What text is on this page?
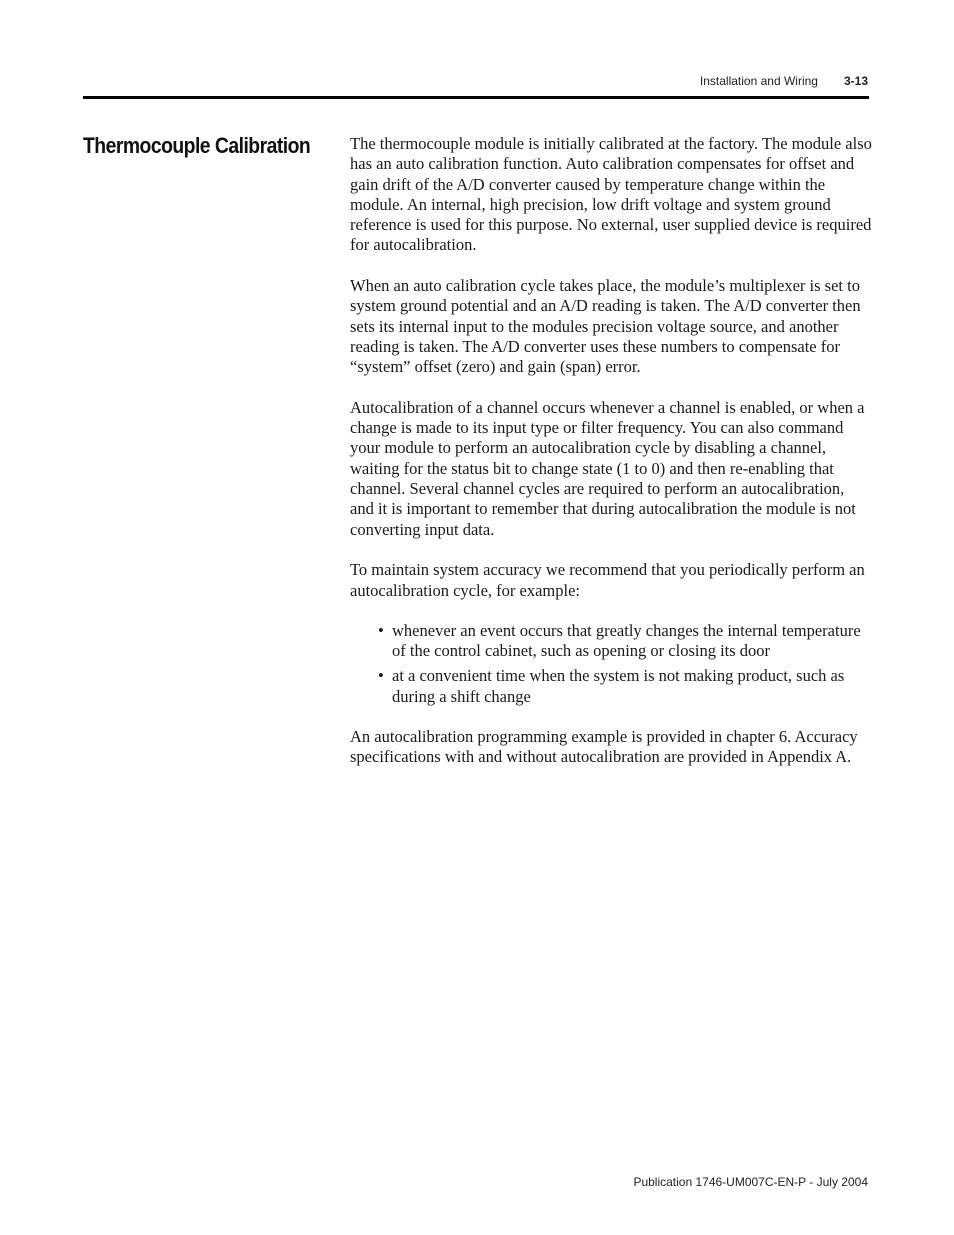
Installation and Wiring 3-13
Thermocouple Calibration The thermocouple module is initially calibrated at the factory. The module also has an auto calibration function. Auto calibration compensates for offset and gain drift of the A/D converter caused by temperature change within the module. An internal, high precision, low drift voltage and system ground reference is used for this purpose. No external, user supplied device is required for autocalibration.

When an auto calibration cycle takes place, the module’s multiplexer is set to system ground potential and an A/D reading is taken. The A/D converter then sets its internal input to the modules precision voltage source, and another reading is taken. The A/D converter uses these numbers to compensate for “system” offset (zero) and gain (span) error.

Autocalibration of a channel occurs whenever a channel is enabled, or when a change is made to its input type or filter frequency. You can also command your module to perform an autocalibration cycle by disabling a channel, waiting for the status bit to change state (1 to 0) and then re-enabling that channel. Several channel cycles are required to perform an autocalibration, and it is important to remember that during autocalibration the module is not converting input data.

To maintain system accuracy we recommend that you periodically perform an autocalibration cycle, for example:

• whenever an event occurs that greatly changes the internal temperature of the control cabinet, such as opening or closing its door
• at a convenient time when the system is not making product, such as during a shift change

An autocalibration programming example is provided in chapter 6. Accuracy specifications with and without autocalibration are provided in Appendix A.

Publication 1746-UM007C-EN-P - July 2004
